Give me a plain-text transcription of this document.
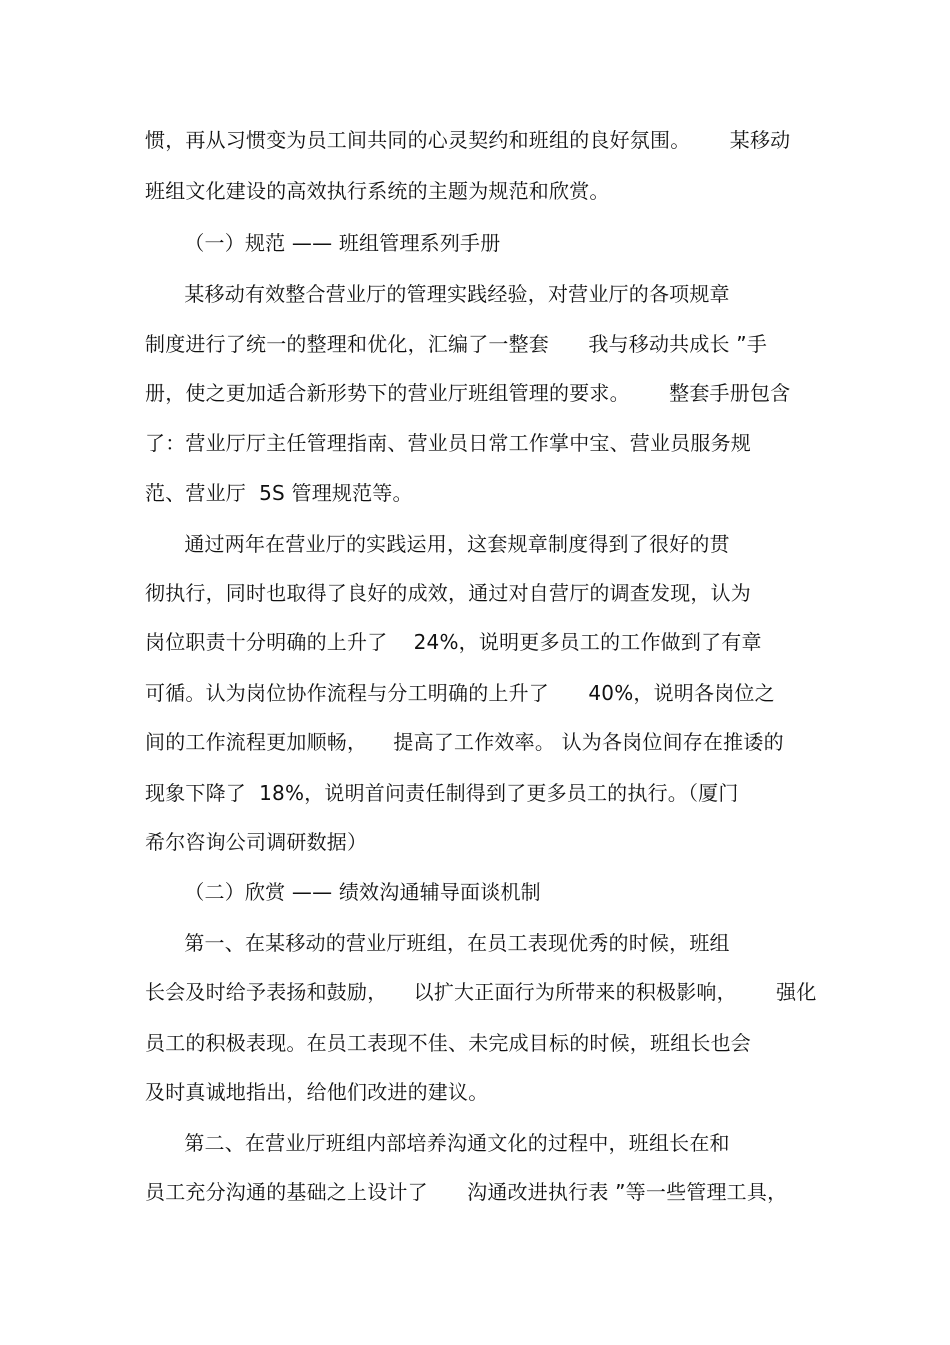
惯，再从习惯变为员工间共同的心灵契约和班组的良好氛围。      某移动
班组文化建设的高效执行系统的主题为规范和欣赏。
（一）规范 —— 班组管理系列手册
某移动有效整合营业厅的管理实践经验，对营业厅的各项规章
制度进行了统一的整理和优化，汇编了一整套      我与移动共成长 ”手
册，使之更加适合新形势下的营业厅班组管理的要求。      整套手册包含
了：营业厅厅主任管理指南、营业员日常工作掌中宝、营业员服务规
范、营业厅  5S 管理规范等。
通过两年在营业厅的实践运用，这套规章制度得到了很好的贯
彻执行，同时也取得了良好的成效，通过对自营厅的调查发现，认为
岗位职责十分明确的上升了    24%，说明更多员工的工作做到了有章
可循。认为岗位协作流程与分工明确的上升了      40%，说明各岗位之
间的工作流程更加顺畅，    提高了工作效率。 认为各岗位间存在推诿的
现象下降了  18%，说明首问责任制得到了更多员工的执行。（厦门
希尔咨询公司调研数据）
（二）欣赏 —— 绩效沟通辅导面谈机制
第一、在某移动的营业厅班组，在员工表现优秀的时候，班组
长会及时给予表扬和鼓励，    以扩大正面行为所带来的积极影响，      强化
员工的积极表现。在员工表现不佳、未完成目标的时候，班组长也会
及时真诚地指出，给他们改进的建议。
第二、在营业厅班组内部培养沟通文化的过程中，班组长在和
员工充分沟通的基础之上设计了      沟通改进执行表 ”等一些管理工具，
